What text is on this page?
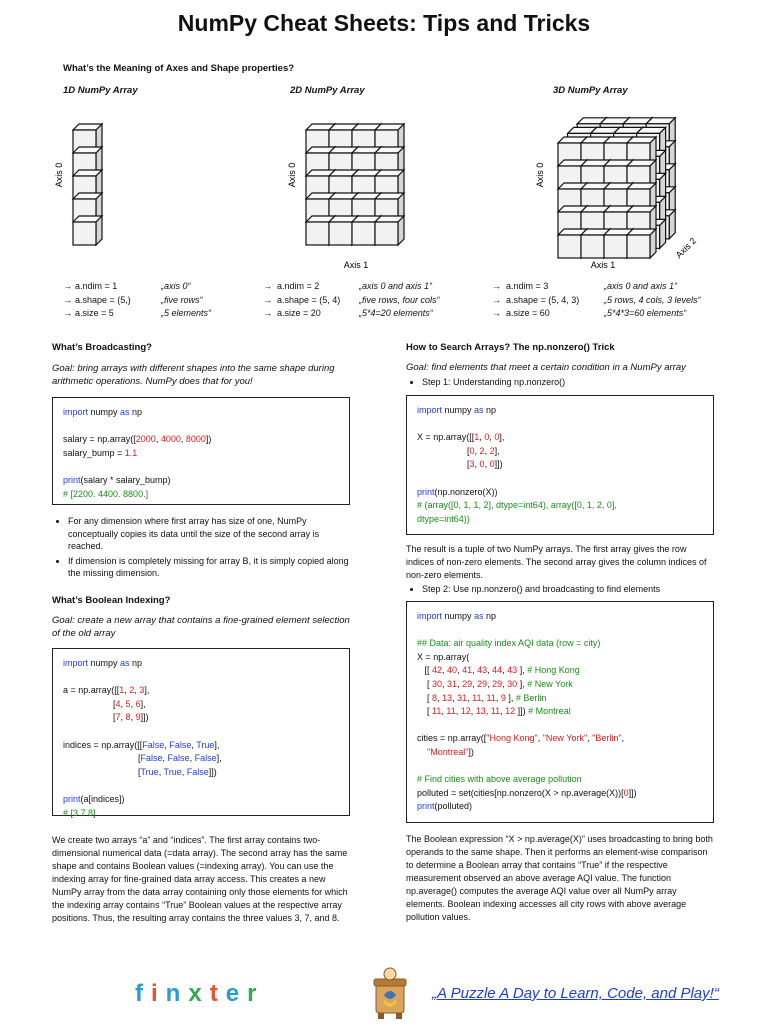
NumPy Cheat Sheets: Tips and Tricks
What’s the Meaning of Axes and Shape properties?
1D NumPy Array	2D NumPy Array	3D NumPy Array
Axis 0	Axis 0
Axis 1
Axis 0
Axis 1
Axis 2
→ a.ndim = 1	„axis 0“
→ a.shape = (5,)	„five rows“
→ a.size = 5	„5 elements“
→ a.ndim = 2	„axis 0 and axis 1“
→ a.shape = (5, 4)	„five rows, four cols“
→ a.size = 20	„5*4=20 elements“
→ a.ndim = 3	„axis 0 and axis 1“
→ a.shape = (5, 4, 3)	„5 rows, 4 cols, 3 levels“
→ a.size = 60	„5*4*3=60 elements“
What’s Broadcasting?
Goal: bring arrays with different shapes into the same shape during arithmetic operations. NumPy does that for you!
import numpy as np

salary = np.array([2000, 4000, 8000])
salary_bump = 1.1

print(salary * salary_bump)
# [2200. 4400. 8800.]
• For any dimension where first array has size of one, NumPy conceptually copies its data until the size of the second array is reached.
• If dimension is completely missing for array B, it is simply copied along the missing dimension.
What’s Boolean Indexing?
Goal: create a new array that contains a fine-grained element selection of the old array
import numpy as np

a = np.array([[1, 2, 3],
[4, 5, 6],
[7, 8, 9]])

indices = np.array([[False, False, True],
[False, False, False],
[True, True, False]])

print(a[indices])
# [3 7 8]
We create two arrays “a” and “indices”. The first array contains two-dimensional numerical data (=data array). The second array has the same shape and contains Boolean values (=indexing array). You can use the indexing array for fine-grained data array access. This creates a new NumPy array from the data array containing only those elements for which the indexing array contains “True” Boolean values at the respective array positions. Thus, the resulting array contains the three values 3, 7, and 8.
How to Search Arrays? The np.nonzero() Trick
Goal: find elements that meet a certain condition in a NumPy array
• Step 1: Understanding np.nonzero()
import numpy as np

X = np.array([[1, 0, 0],
[0, 2, 2],
[3, 0, 0]])

print(np.nonzero(X))
# (array([0, 1, 1, 2], dtype=int64), array([0, 1, 2, 0],
dtype=int64))
The result is a tuple of two NumPy arrays. The first array gives the row indices of non-zero elements. The second array gives the column indices of non-zero elements.
• Step 2: Use np.nonzero() and broadcasting to find elements
import numpy as np

## Data: air quality index AQI data (row = city)
X = np.array(
[[ 42, 40, 41, 43, 44, 43 ], # Hong Kong
[ 30, 31, 29, 29, 29, 30 ], # New York
[ 8, 13, 31, 11, 11, 9 ], # Berlin
[ 11, 11, 12, 13, 11, 12 ]]) # Montreal

cities = np.array(["Hong Kong", "New York", "Berlin",
"Montreal"])

# Find cities with above average pollution
polluted = set(cities[np.nonzero(X > np.average(X))[0]])
print(polluted)
The Boolean expression “X > np.average(X)” uses broadcasting to bring both operands to the same shape. Then it performs an element-wise comparison to determine a Boolean array that contains “True” if the respective measurement observed an above average AQI value. The function np.average() computes the average AQI value over all NumPy array elements. Boolean indexing accesses all city rows with above average pollution values.
finxter	„A Puzzle A Day to Learn, Code, and Play!“
